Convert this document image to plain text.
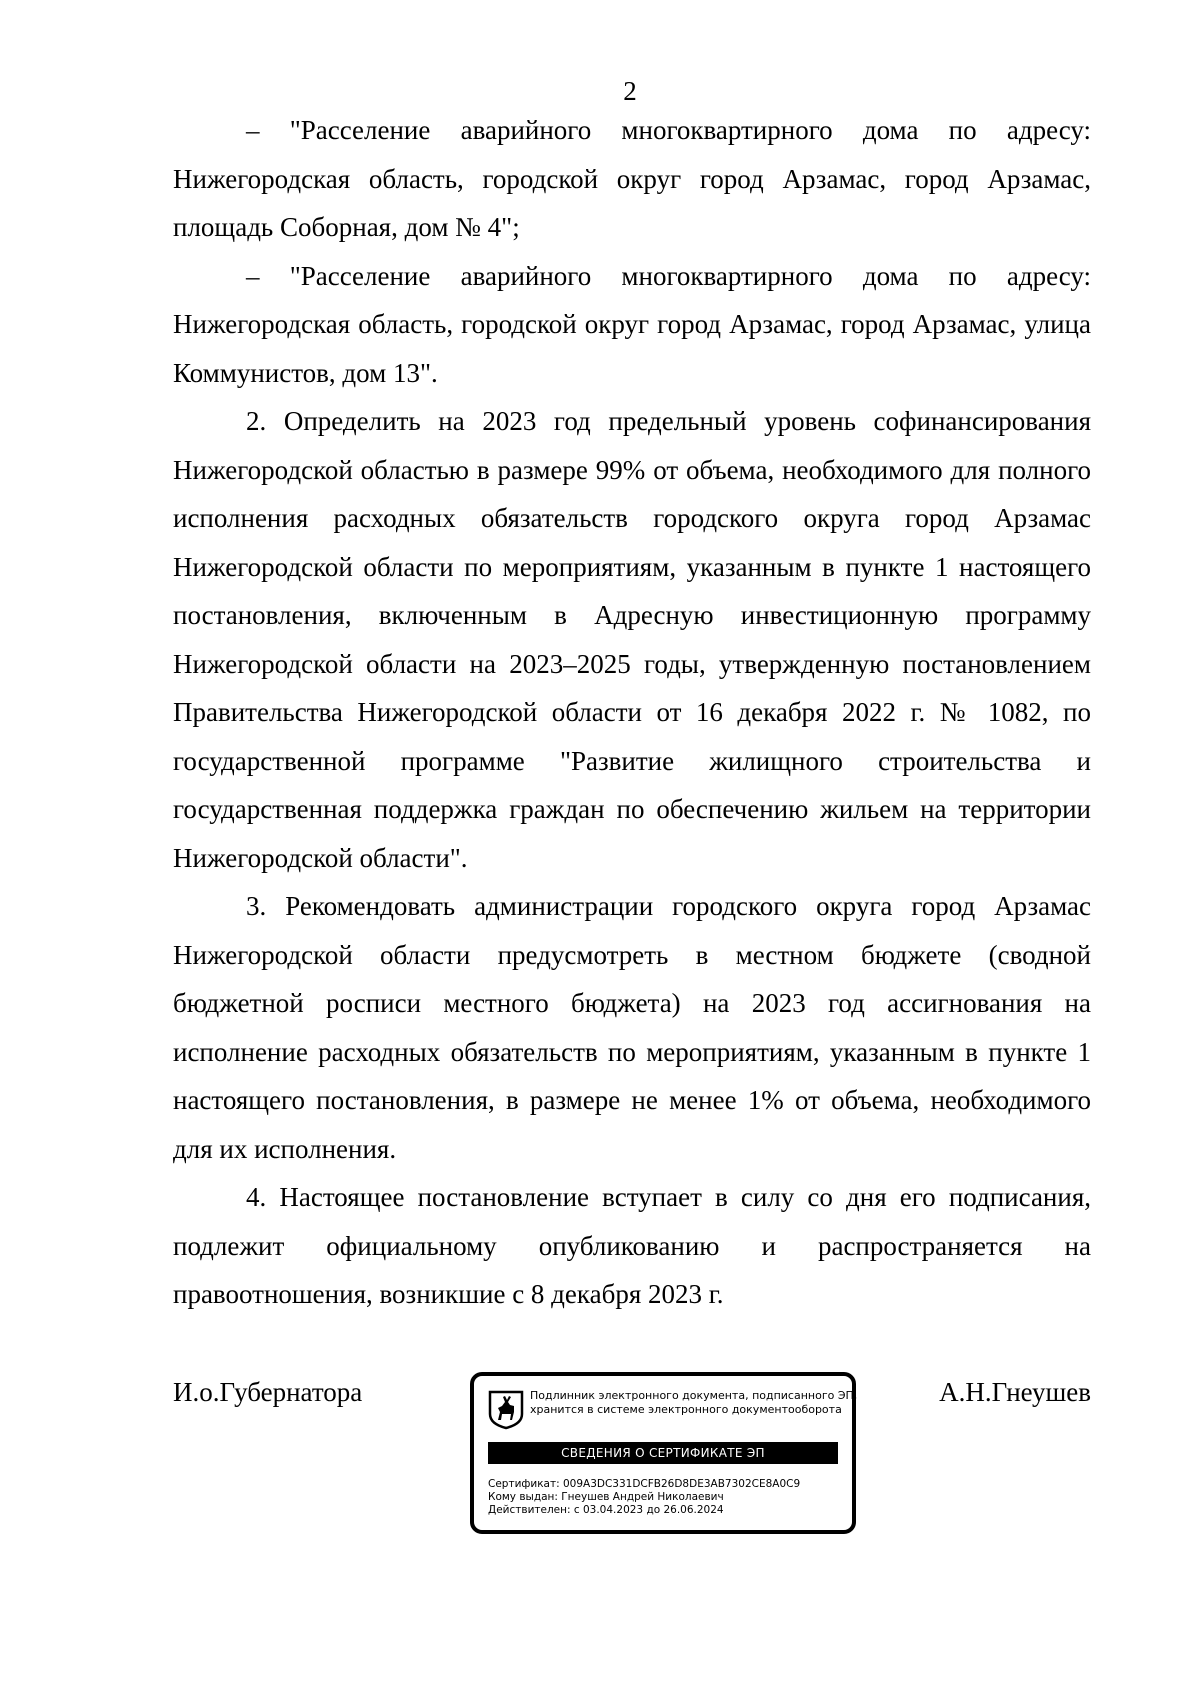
2

– "Расселение аварийного многоквартирного дома по адресу: Нижегородская область, городской округ город Арзамас, город Арзамас, площадь Соборная, дом № 4";

– "Расселение аварийного многоквартирного дома по адресу: Нижегородская область, городской округ город Арзамас, город Арзамас, улица Коммунистов, дом 13".

2. Определить на 2023 год предельный уровень софинансирования Нижегородской областью в размере 99% от объема, необходимого для полного исполнения расходных обязательств городского округа город Арзамас Нижегородской области по мероприятиям, указанным в пункте 1 настоящего постановления, включенным в Адресную инвестиционную программу Нижегородской области на 2023–2025 годы, утвержденную постановлением Правительства Нижегородской области от 16 декабря 2022 г. № 1082, по государственной программе "Развитие жилищного строительства и государственная поддержка граждан по обеспечению жильем на территории Нижегородской области".

3. Рекомендовать администрации городского округа город Арзамас Нижегородской области предусмотреть в местном бюджете (сводной бюджетной росписи местного бюджета) на 2023 год ассигнования на исполнение расходных обязательств по мероприятиям, указанным в пункте 1 настоящего постановления, в размере не менее 1% от объема, необходимого для их исполнения.

4. Настоящее постановление вступает в силу со дня его подписания, подлежит официальному опубликованию и распространяется на правоотношения, возникшие с 8 декабря 2023 г.

И.о.Губернатора	А.Н.Гнеушев
Подлинник электронного документа, подписанного ЭП,
хранится в системе электронного документооборота
СВЕДЕНИЯ О СЕРТИФИКАТЕ ЭП
Сертификат: 009A3DC331DCFB26D8DE3AB7302CE8A0C9
Кому выдан: Гнеушев Андрей Николаевич
Действителен: с 03.04.2023 до 26.06.2024
